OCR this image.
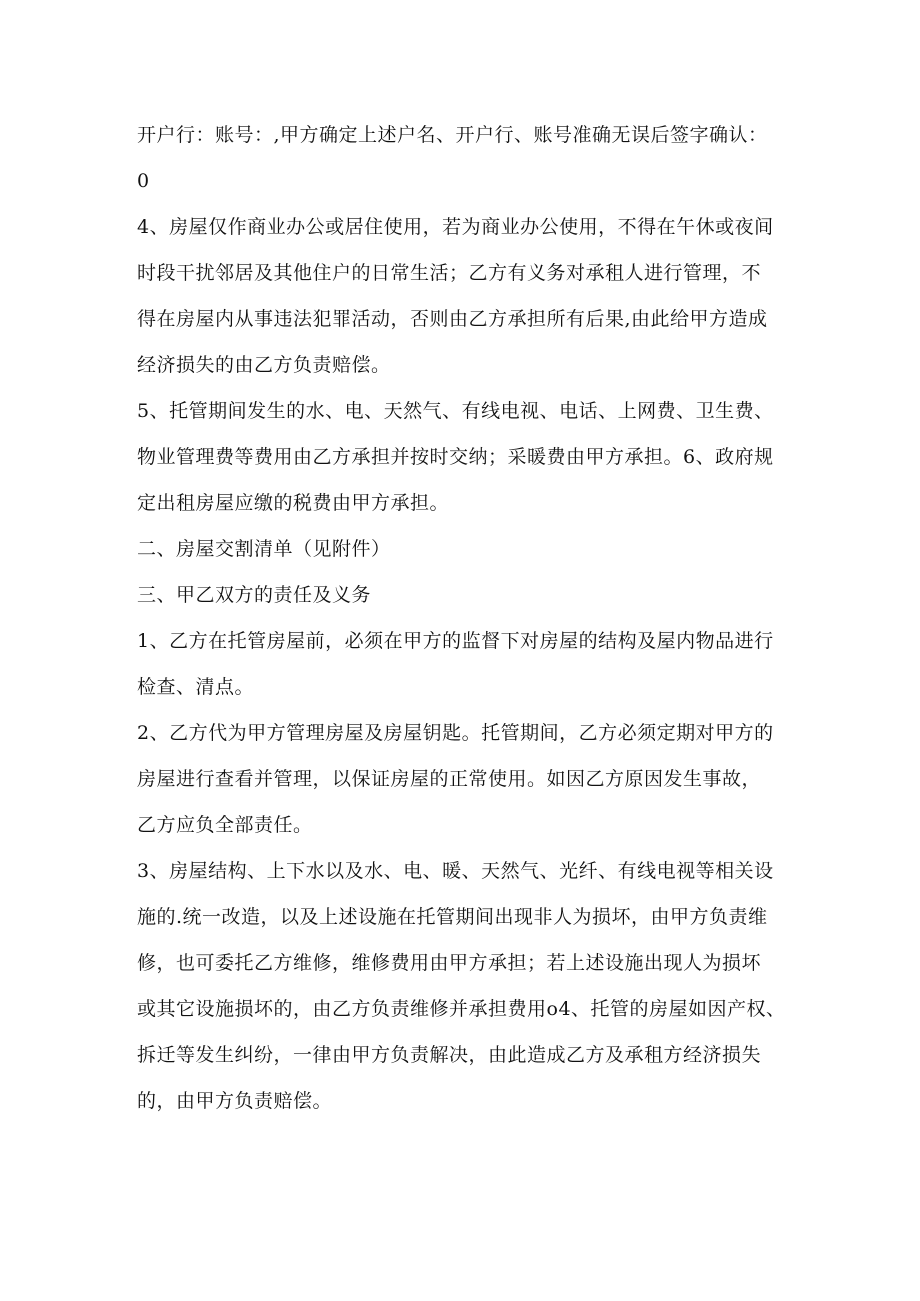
开户行：账号：,甲方确定上述户名、开户行、账号准确无误后签字确认：
0

4、房屋仅作商业办公或居住使用，若为商业办公使用，不得在午休或夜间
时段干扰邻居及其他住户的日常生活；乙方有义务对承租人进行管理，不
得在房屋内从事违法犯罪活动，否则由乙方承担所有后果,由此给甲方造成
经济损失的由乙方负责赔偿。

5、托管期间发生的水、电、天然气、有线电视、电话、上网费、卫生费、
物业管理费等费用由乙方承担并按时交纳；采暖费由甲方承担。6、政府规
定出租房屋应缴的税费由甲方承担。

二、房屋交割清单（见附件）

三、甲乙双方的责任及义务

1、乙方在托管房屋前，必须在甲方的监督下对房屋的结构及屋内物品进行
检查、清点。

2、乙方代为甲方管理房屋及房屋钥匙。托管期间，乙方必须定期对甲方的
房屋进行查看并管理，以保证房屋的正常使用。如因乙方原因发生事故，
乙方应负全部责任。

3、房屋结构、上下水以及水、电、暖、天然气、光纤、有线电视等相关设
施的.统一改造，以及上述设施在托管期间出现非人为损坏，由甲方负责维
修，也可委托乙方维修，维修费用由甲方承担；若上述设施出现人为损坏
或其它设施损坏的，由乙方负责维修并承担费用o4、托管的房屋如因产权、
拆迁等发生纠纷，一律由甲方负责解决，由此造成乙方及承租方经济损失
的，由甲方负责赔偿。
